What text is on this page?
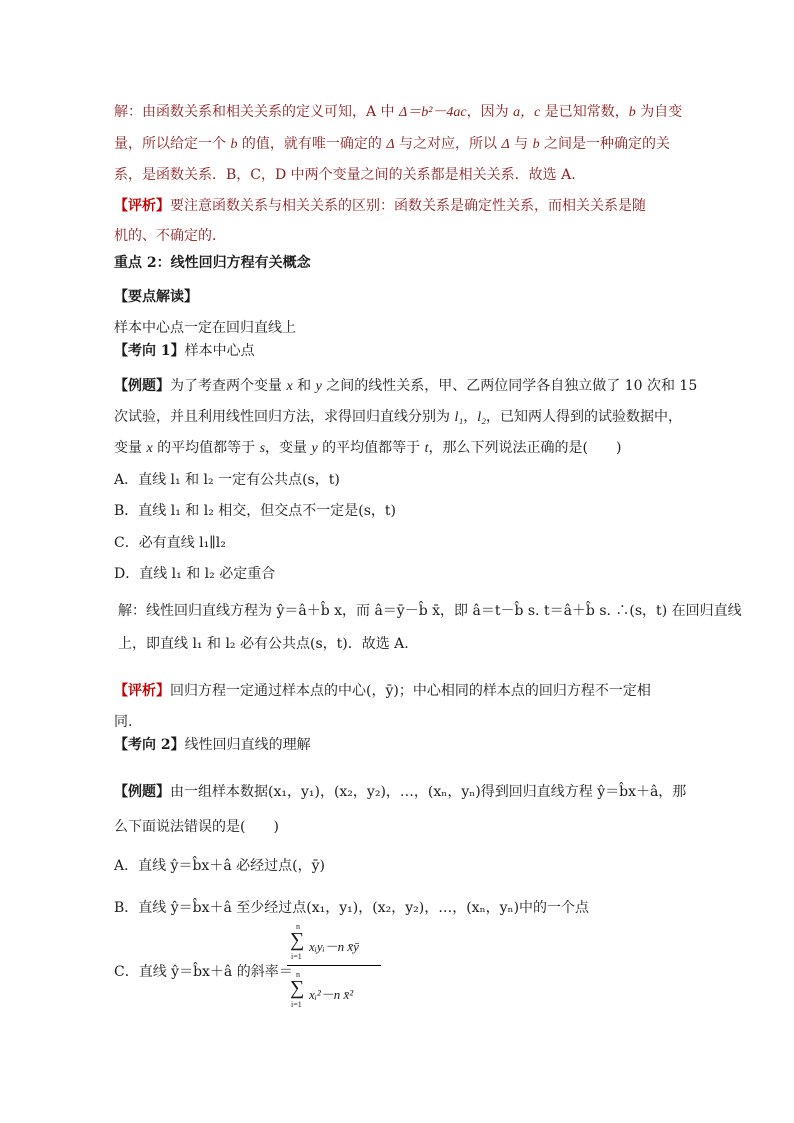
解：由函数关系和相关关系的定义可知，A 中 Δ＝b²－4ac，因为 a，c 是已知常数，b 为自变
量，所以给定一个 b 的值，就有唯一确定的 Δ 与之对应，所以 Δ 与 b 之间是一种确定的关
系，是函数关系．B，C，D 中两个变量之间的关系都是相关关系．故选 A.
【评析】要注意函数关系与相关关系的区别：函数关系是确定性关系，而相关关系是随
机的、不确定的．
重点 2：线性回归方程有关概念
【要点解读】
样本中心点一定在回归直线上
【考向 1】样本中心点
【例题】为了考查两个变量 x 和 y 之间的线性关系，甲、乙两位同学各自独立做了 10 次和 15
次试验，并且利用线性回归方法，求得回归直线分别为 l₁，l₂，已知两人得到的试验数据中，
变量 x 的平均值都等于 s，变量 y 的平均值都等于 t，那么下列说法正确的是(　　)
A．直线 l₁ 和 l₂ 一定有公共点(s，t)
B．直线 l₁ 和 l₂ 相交，但交点不一定是(s，t)
C．必有直线 l₁∥l₂
D．直线 l₁ 和 l₂ 必定重合
解：线性回归直线方程为 ŷ＝â＋b̂ x，而 â＝ȳ－b̂ x̄，即 â＝t－b̂ s. t＝â＋b̂ s. ∴(s，t) 在回归直线
上，即直线 l₁ 和 l₂ 必有公共点(s，t)．故选 A.
【评析】回归方程一定通过样本点的中心(，ȳ)；中心相同的样本点的回归方程不一定相
同.
【考向 2】线性回归直线的理解
【例题】由一组样本数据(x₁，y₁)，(x₂，y₂)，…，(xₙ，yₙ)得到回归直线方程 ŷ＝b̂x＋â，那
么下面说法错误的是(　　)
A．直线 ŷ＝b̂x＋â 必经过点(，ȳ)
B．直线 ŷ＝b̂x＋â 至少经过点(x₁，y₁)，(x₂，y₂)，…，(xₙ，yₙ)中的一个点
C．直线 ŷ＝b̂x＋â 的斜率＝
n
∑
i=1
xᵢyᵢ－n x̄ȳ
n
∑
i=1
xᵢ²－n x̄²
